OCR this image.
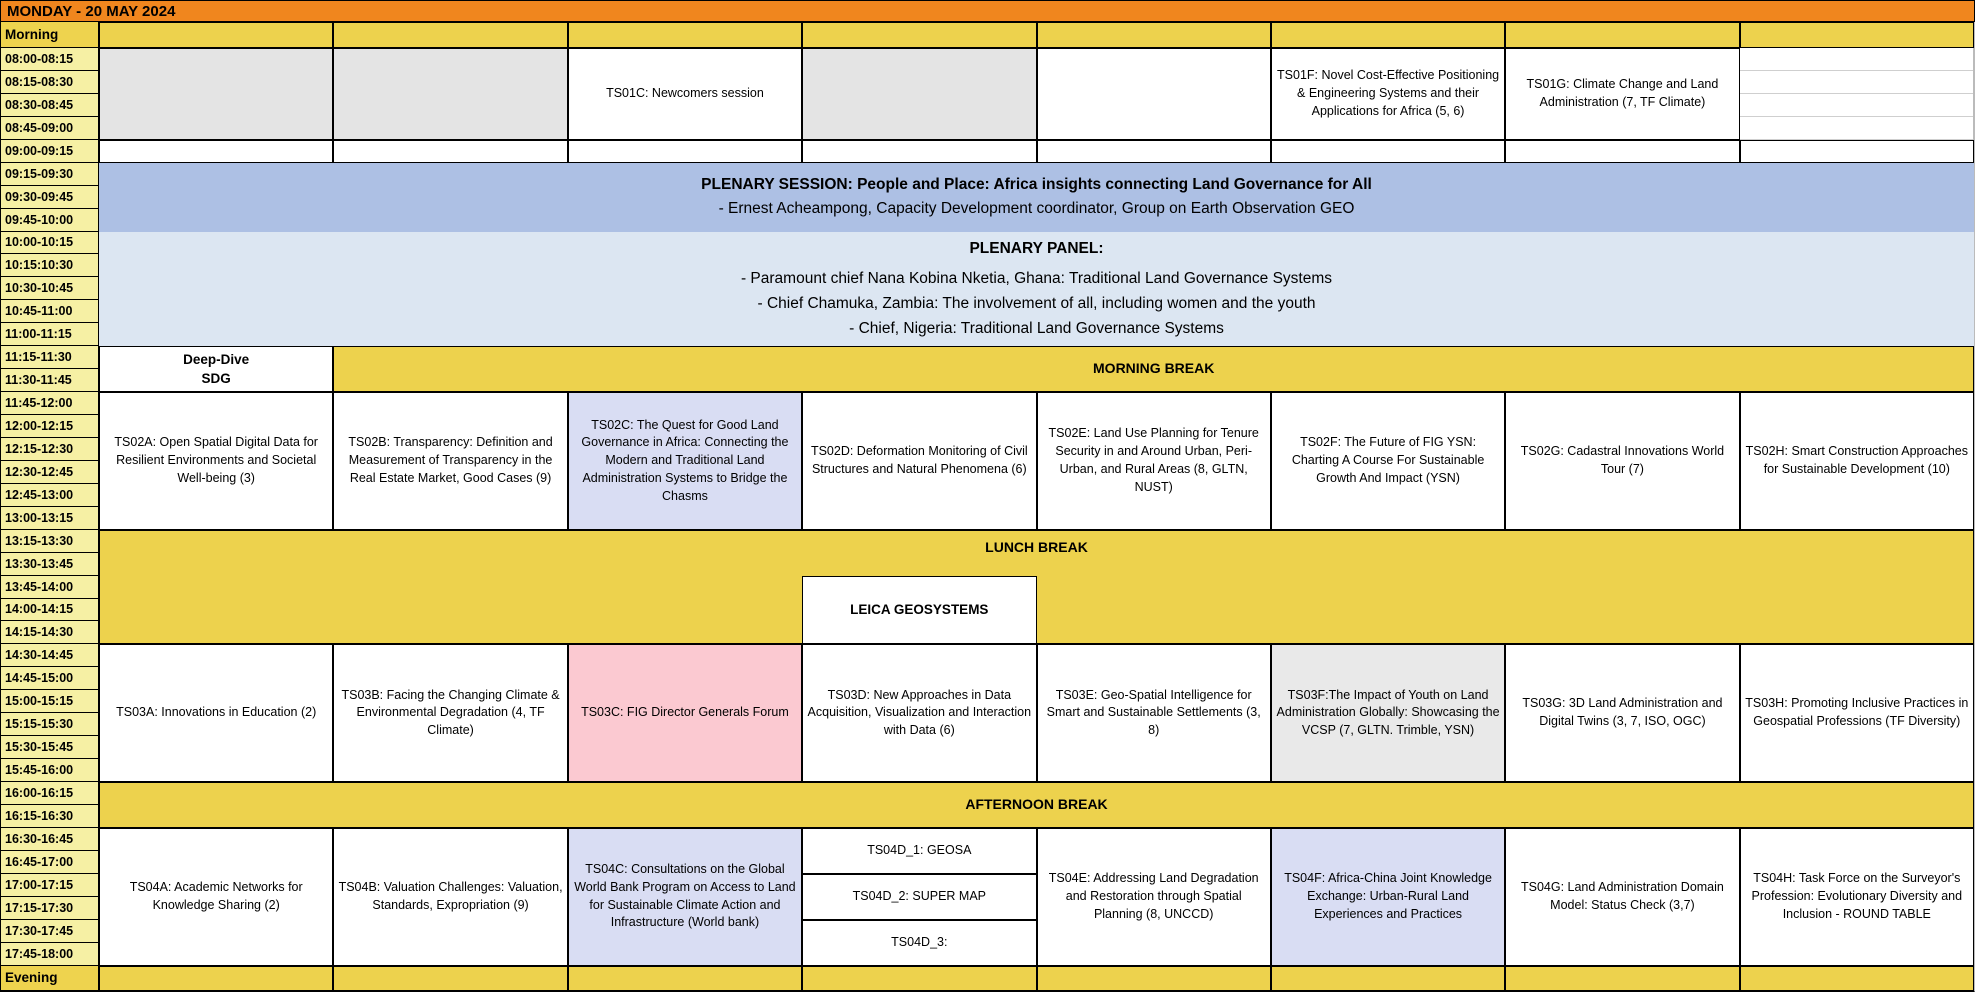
MONDAY - 20 MAY 2024
Morning
Evening
TS01C: Newcomers session
TS01F: Novel Cost-Effective Positioning & Engineering Systems and their Applications for Africa (5, 6)
TS01G: Climate Change and Land Administration (7, TF Climate)
PLENARY SESSION: People and Place: Africa insights connecting Land Governance for All
- Ernest Acheampong, Capacity Development coordinator, Group on Earth Observation GEO
PLENARY PANEL:
- Paramount chief Nana Kobina Nketia, Ghana: Traditional Land Governance Systems
- Chief Chamuka, Zambia: The involvement of all, including women and the youth
- Chief, Nigeria: Traditional Land Governance Systems
Deep-Dive
SDG
MORNING BREAK
TS02A: Open Spatial Digital Data for Resilient Environments and Societal Well-being (3)
TS02B: Transparency: Definition and Measurement of Transparency in the Real Estate Market, Good Cases (9)
TS02C: The Quest for Good Land Governance in Africa: Connecting the Modern and Traditional Land Administration Systems to Bridge the Chasms
TS02D: Deformation Monitoring of Civil Structures and Natural Phenomena (6)
TS02E: Land Use Planning for Tenure Security in and Around Urban, Peri-Urban, and Rural Areas (8, GLTN, NUST)
TS02F: The Future of FIG YSN: Charting A Course For Sustainable Growth And Impact (YSN)
TS02G: Cadastral Innovations World Tour (7)
TS02H: Smart Construction Approaches for Sustainable Development (10)
LUNCH BREAK
LEICA GEOSYSTEMS
TS03A: Innovations in Education (2)
TS03B: Facing the Changing Climate & Environmental Degradation (4, TF Climate)
TS03C: FIG Director Generals Forum
TS03D: New Approaches in Data Acquisition, Visualization and Interaction with Data (6)
TS03E: Geo-Spatial Intelligence for Smart and Sustainable Settlements (3, 8)
TS03F:The Impact of Youth on Land Administration Globally: Showcasing the VCSP (7, GLTN. Trimble, YSN)
TS03G: 3D Land Administration and Digital Twins (3, 7, ISO, OGC)
TS03H: Promoting Inclusive Practices in Geospatial Professions (TF Diversity)
AFTERNOON BREAK
TS04A: Academic Networks for Knowledge Sharing (2)
TS04B: Valuation Challenges: Valuation, Standards, Expropriation (9)
TS04C: Consultations on the Global World Bank Program on Access to Land for Sustainable Climate Action and Infrastructure (World bank)
TS04D_1: GEOSA
TS04D_2: SUPER MAP
TS04D_3:
TS04E: Addressing Land Degradation and Restoration through Spatial Planning (8, UNCCD)
TS04F: Africa-China Joint Knowledge Exchange: Urban-Rural Land Experiences and Practices
TS04G: Land Administration Domain Model: Status Check (3,7)
TS04H: Task Force on the Surveyor's Profession: Evolutionary Diversity and Inclusion - ROUND TABLE
08:00-08:15
08:15-08:30
08:30-08:45
08:45-09:00
09:00-09:15
09:15-09:30
09:30-09:45
09:45-10:00
10:00-10:15
10:15:10:30
10:30-10:45
10:45-11:00
11:00-11:15
11:15-11:30
11:30-11:45
11:45-12:00
12:00-12:15
12:15-12:30
12:30-12:45
12:45-13:00
13:00-13:15
13:15-13:30
13:30-13:45
13:45-14:00
14:00-14:15
14:15-14:30
14:30-14:45
14:45-15:00
15:00-15:15
15:15-15:30
15:30-15:45
15:45-16:00
16:00-16:15
16:15-16:30
16:30-16:45
16:45-17:00
17:00-17:15
17:15-17:30
17:30-17:45
17:45-18:00
